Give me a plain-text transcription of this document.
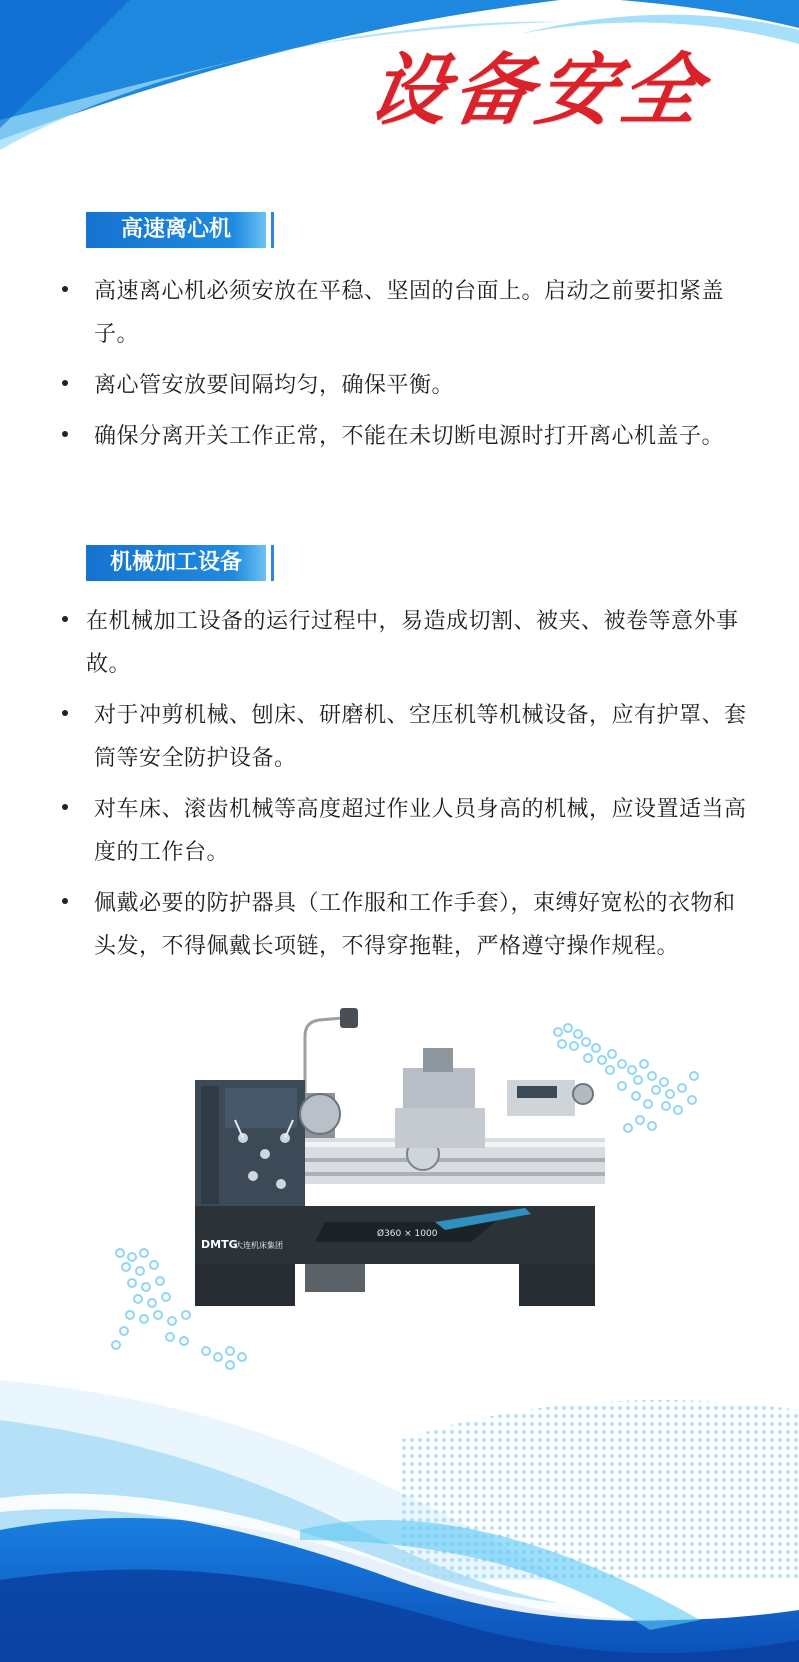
设备安全
高速离心机
高速离心机必须安放在平稳、坚固的台面上。启动之前要扣紧盖子。
离心管安放要间隔均匀，确保平衡。
确保分离开关工作正常，不能在未切断电源时打开离心机盖子。
机械加工设备
在机械加工设备的运行过程中，易造成切割、被夹、被卷等意外事故。
对于冲剪机械、刨床、研磨机、空压机等机械设备，应有护罩、套筒等安全防护设备。
对车床、滚齿机械等高度超过作业人员身高的机械，应设置适当高度的工作台。
佩戴必要的防护器具（工作服和工作手套），束缚好宽松的衣物和头发，不得佩戴长项链，不得穿拖鞋，严格遵守操作规程。
Ø360 × 1000
DMTG
大连机床集团
